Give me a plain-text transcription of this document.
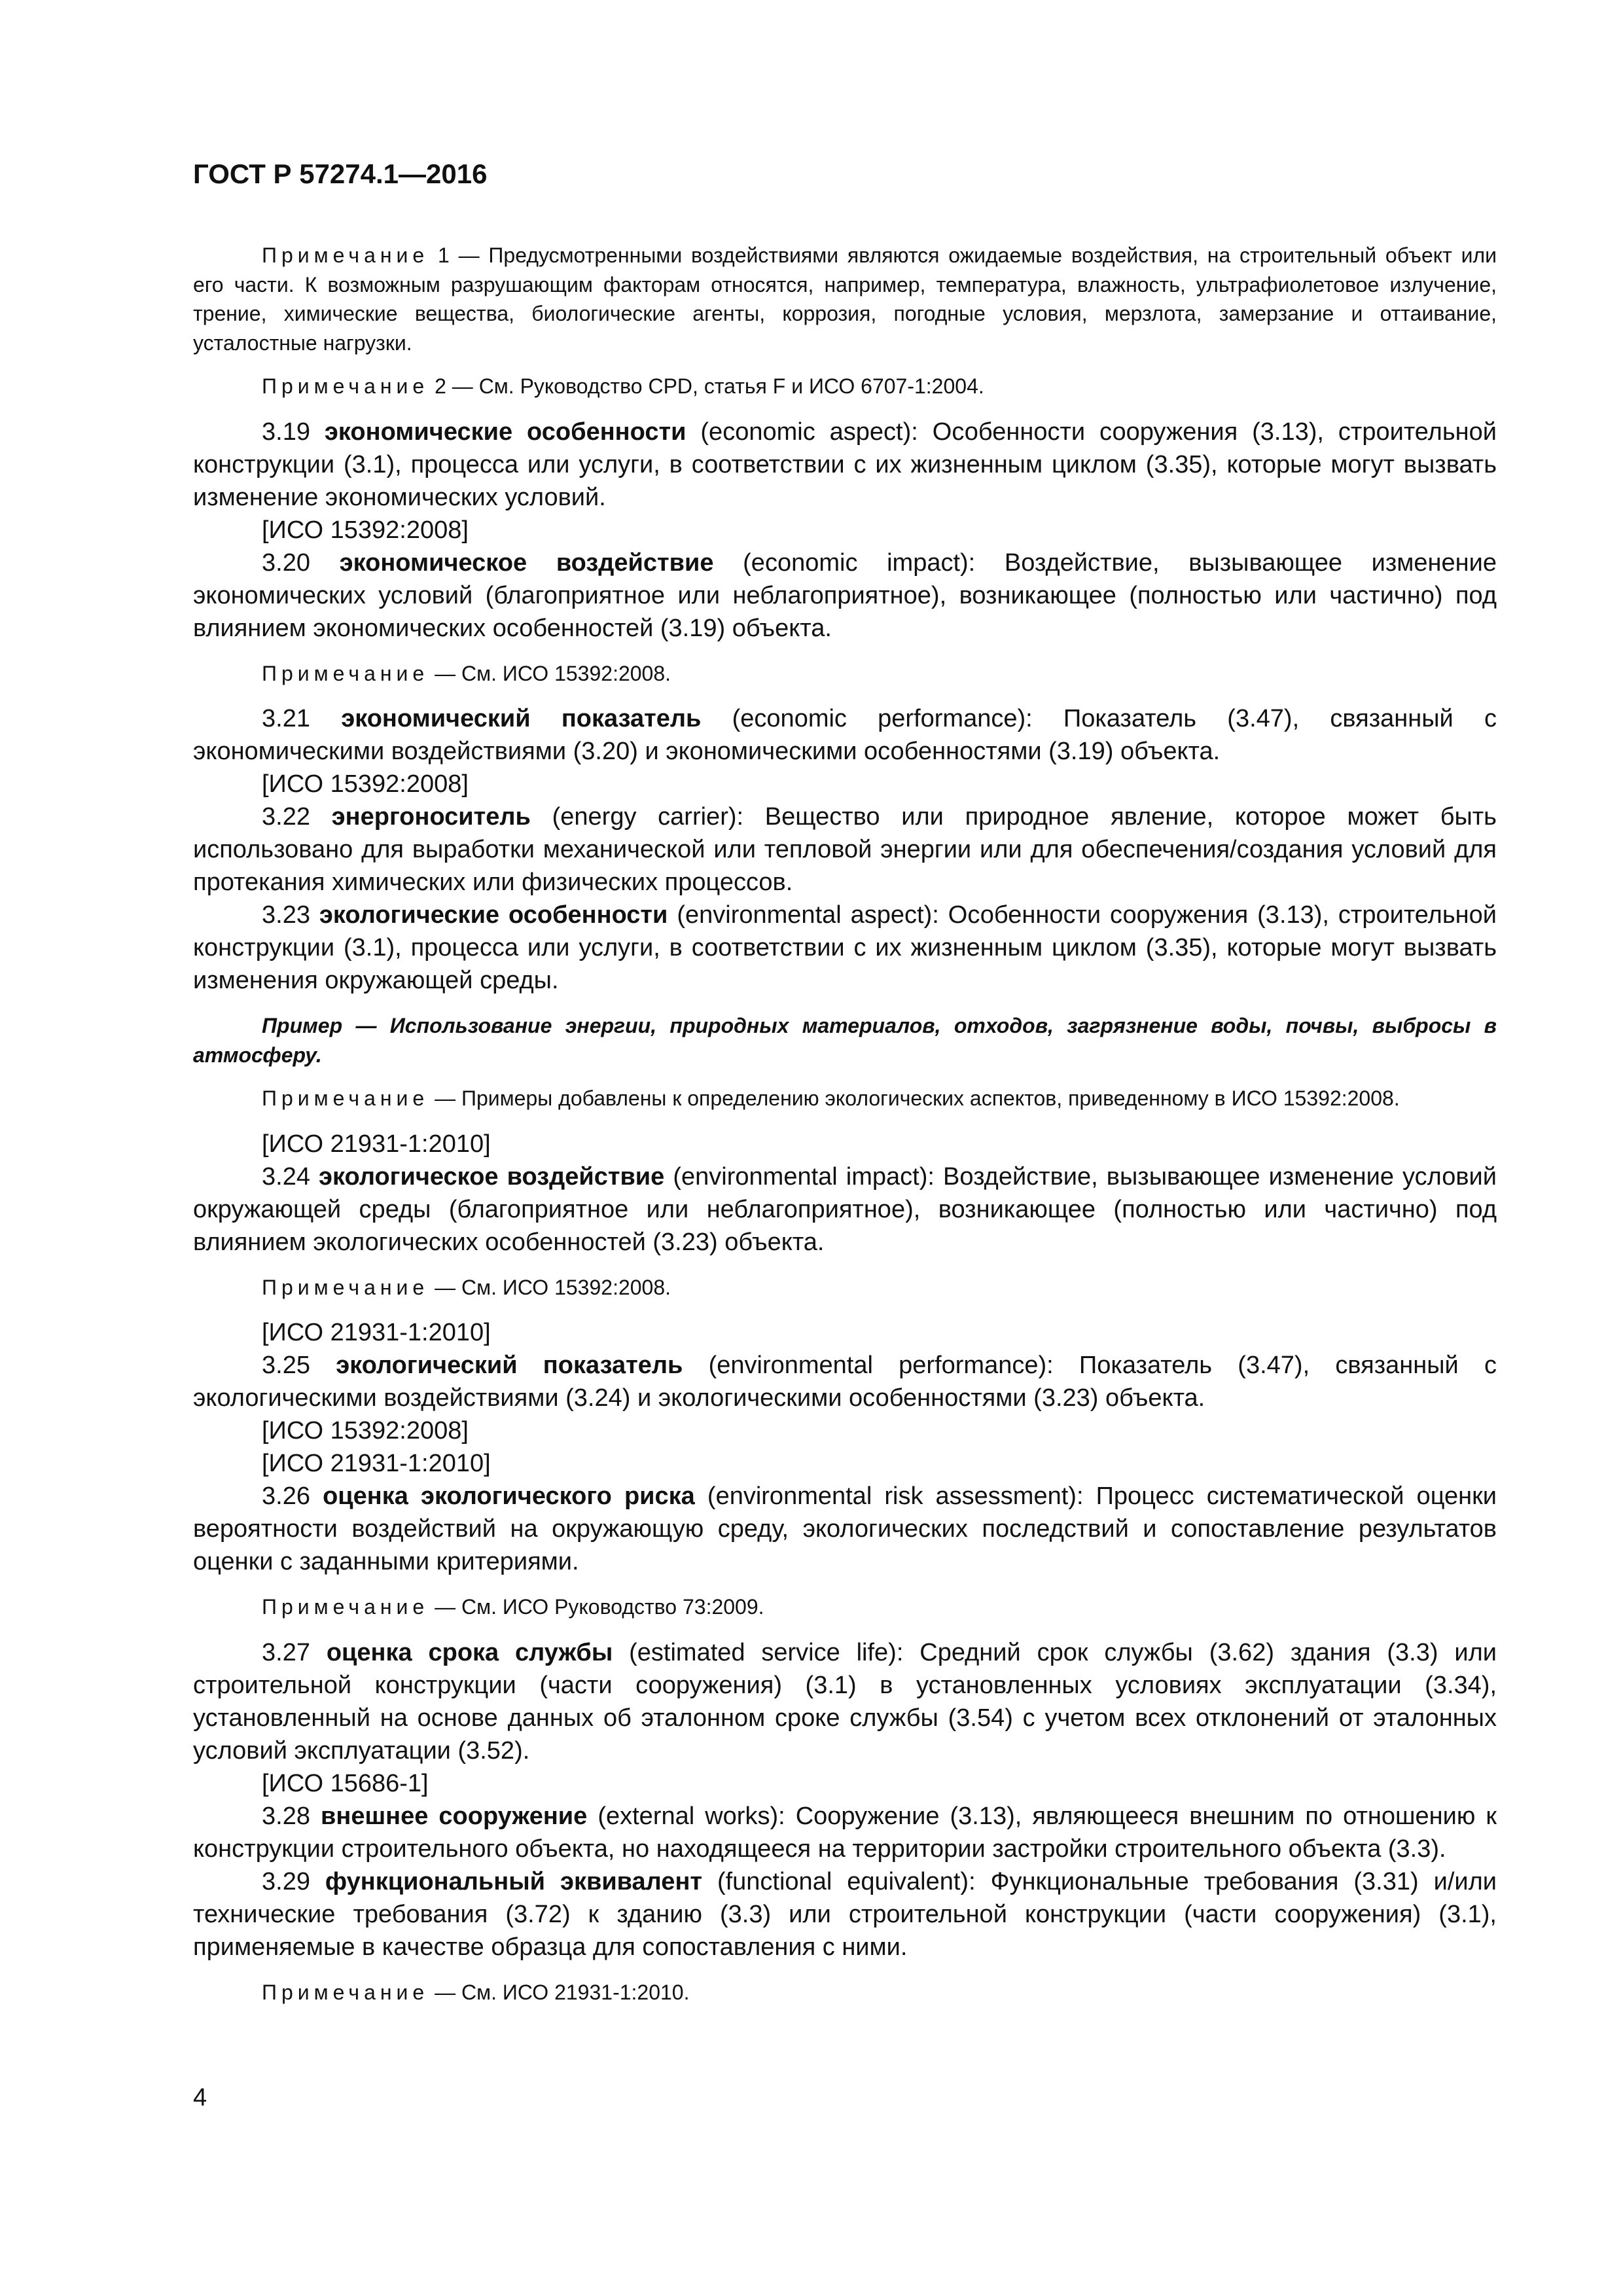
ГОСТ Р 57274.1—2016

Примечание 1 — Предусмотренными воздействиями являются ожидаемые воздействия, на строительный объект или его части. К возможным разрушающим факторам относятся, например, температура, влажность, ультрафиолетовое излучение, трение, химические вещества, биологические агенты, коррозия, погодные условия, мерзлота, замерзание и оттаивание, усталостные нагрузки.

Примечание 2 — См. Руководство CPD, статья F и ИСО 6707-1:2004.

3.19 экономические особенности (economic aspect): Особенности сооружения (3.13), строительной конструкции (3.1), процесса или услуги, в соответствии с их жизненным циклом (3.35), которые могут вызвать изменение экономических условий.

[ИСО 15392:2008]

3.20 экономическое воздействие (economic impact): Воздействие, вызывающее изменение экономических условий (благоприятное или неблагоприятное), возникающее (полностью или частично) под влиянием экономических особенностей (3.19) объекта.

Примечание — См. ИСО 15392:2008.

3.21 экономический показатель (economic performance): Показатель (3.47), связанный с экономическими воздействиями (3.20) и экономическими особенностями (3.19) объекта.

[ИСО 15392:2008]

3.22 энергоноситель (energy carrier): Вещество или природное явление, которое может быть использовано для выработки механической или тепловой энергии или для обеспечения/создания условий для протекания химических или физических процессов.

3.23 экологические особенности (environmental aspect): Особенности сооружения (3.13), строительной конструкции (3.1), процесса или услуги, в соответствии с их жизненным циклом (3.35), которые могут вызвать изменения окружающей среды.

Пример — Использование энергии, природных материалов, отходов, загрязнение воды, почвы, выбросы в атмосферу.

Примечание — Примеры добавлены к определению экологических аспектов, приведенному в ИСО 15392:2008.

[ИСО 21931-1:2010]

3.24 экологическое воздействие (environmental impact): Воздействие, вызывающее изменение условий окружающей среды (благоприятное или неблагоприятное), возникающее (полностью или частично) под влиянием экологических особенностей (3.23) объекта.

Примечание — См. ИСО 15392:2008.

[ИСО 21931-1:2010]

3.25 экологический показатель (environmental performance): Показатель (3.47), связанный с экологическими воздействиями (3.24) и экологическими особенностями (3.23) объекта.

[ИСО 15392:2008]

[ИСО 21931-1:2010]

3.26 оценка экологического риска (environmental risk assessment): Процесс систематической оценки вероятности воздействий на окружающую среду, экологических последствий и сопоставление результатов оценки с заданными критериями.

Примечание — См. ИСО Руководство 73:2009.

3.27 оценка срока службы (estimated service life): Средний срок службы (3.62) здания (3.3) или строительной конструкции (части сооружения) (3.1) в установленных условиях эксплуатации (3.34), установленный на основе данных об эталонном сроке службы (3.54) с учетом всех отклонений от эталонных условий эксплуатации (3.52).

[ИСО 15686-1]

3.28 внешнее сооружение (external works): Сооружение (3.13), являющееся внешним по отношению к конструкции строительного объекта, но находящееся на территории застройки строительного объекта (3.3).

3.29 функциональный эквивалент (functional equivalent): Функциональные требования (3.31) и/или технические требования (3.72) к зданию (3.3) или строительной конструкции (части сооружения) (3.1), применяемые в качестве образца для сопоставления с ними.

Примечание — См. ИСО 21931-1:2010.

4
